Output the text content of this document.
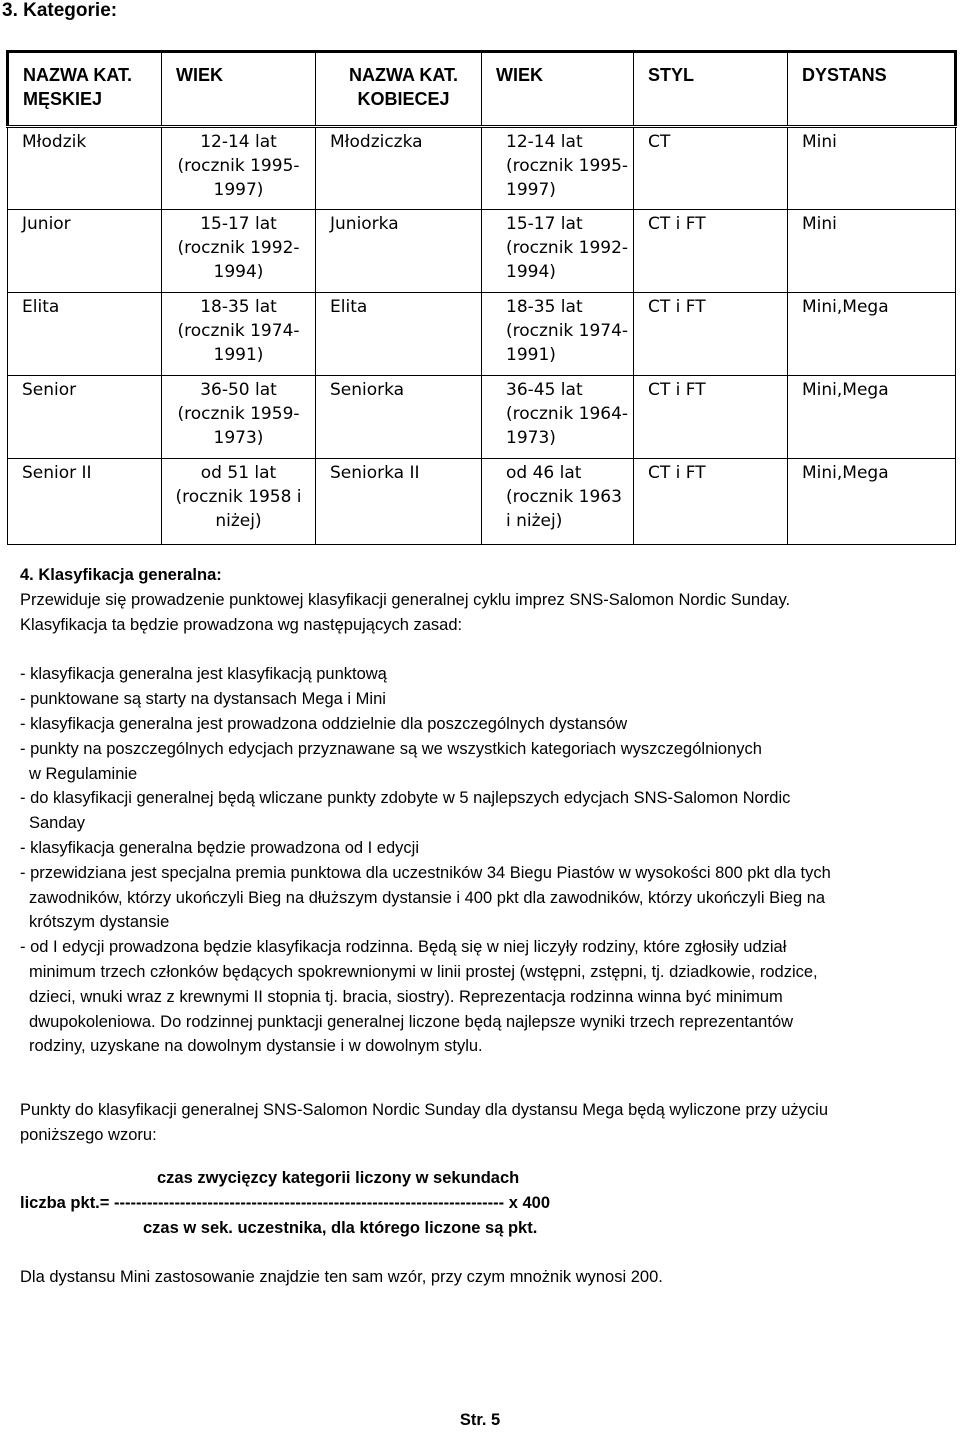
3. Kategorie:
NAZWA KAT. MĘSKIEJ	WIEK	NAZWA KAT. KOBIECEJ	WIEK	STYL	DYSTANS
Młodzik	12-14 lat (rocznik 1995-1997)	Młodziczka	12-14 lat (rocznik 1995-1997)	CT	Mini
Junior	15-17 lat (rocznik 1992-1994)	Juniorka	15-17 lat (rocznik 1992-1994)	CT i FT	Mini
Elita	18-35 lat (rocznik 1974-1991)	Elita	18-35 lat (rocznik 1974-1991)	CT i FT	Mini,Mega
Senior	36-50 lat (rocznik 1959-1973)	Seniorka	36-45 lat (rocznik 1964-1973)	CT i FT	Mini,Mega
Senior II	od 51 lat (rocznik 1958 i niżej)	Seniorka II	od 46 lat (rocznik 1963 i niżej)	CT i FT	Mini,Mega
4. Klasyfikacja generalna:

Przewiduje się prowadzenie punktowej klasyfikacji generalnej cyklu imprez SNS-Salomon Nordic Sunday.

Klasyfikacja ta będzie prowadzona wg następujących zasad:

- klasyfikacja generalna jest klasyfikacją punktową

- punktowane są starty na dystansach Mega i Mini

- klasyfikacja generalna jest prowadzona oddzielnie dla poszczególnych dystansów

- punkty na poszczególnych edycjach przyznawane są we wszystkich kategoriach wyszczególnionych

w Regulaminie

- do klasyfikacji generalnej będą wliczane punkty zdobyte w 5 najlepszych edycjach SNS-Salomon Nordic

Sanday

- klasyfikacja generalna będzie prowadzona od I edycji

- przewidziana jest specjalna premia punktowa dla uczestników 34 Biegu Piastów w wysokości 800 pkt dla tych

zawodników, którzy ukończyli Bieg na dłuższym dystansie i 400 pkt dla zawodników, którzy ukończyli Bieg na

krótszym dystansie

- od I edycji prowadzona będzie klasyfikacja rodzinna. Będą się w niej liczyły rodziny, które zgłosiły udział

minimum trzech członków będących spokrewnionymi w linii prostej (wstępni, zstępni, tj. dziadkowie, rodzice,

dzieci, wnuki wraz z krewnymi II stopnia tj. bracia, siostry). Reprezentacja rodzinna winna być minimum

dwupokoleniowa. Do rodzinnej punktacji generalnej liczone będą najlepsze wyniki trzech reprezentantów

rodziny, uzyskane na dowolnym dystansie i w dowolnym stylu.

Punkty do klasyfikacji generalnej SNS-Salomon Nordic Sunday dla dystansu Mega będą wyliczone przy użyciu

poniższego wzoru:

czas zwycięzcy kategorii liczony w sekundach
liczba pkt.= ----------------------------------------------------------------------- x 400
czas w sek. uczestnika, dla którego liczone są pkt.
Dla dystansu Mini zastosowanie znajdzie ten sam wzór, przy czym mnożnik wynosi 200.
Str. 5
